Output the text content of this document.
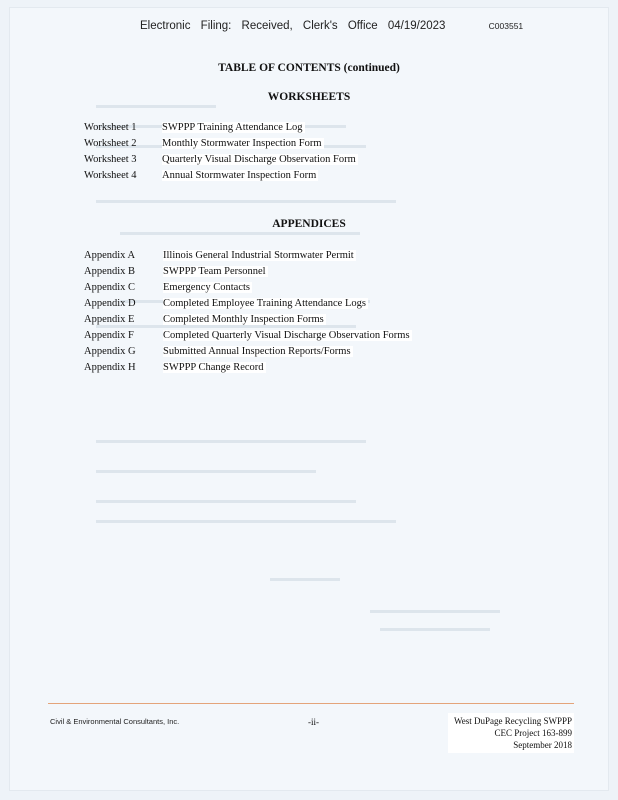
Electronic Filing: Received, Clerk's Office 04/19/2023	C003551
TABLE OF CONTENTS (continued)
WORKSHEETS
Worksheet 1 SWPPP Training Attendance Log
Worksheet 2 Monthly Stormwater Inspection Form
Worksheet 3 Quarterly Visual Discharge Observation Form
Worksheet 4 Annual Stormwater Inspection Form
APPENDICES
Appendix A	Illinois General Industrial Stormwater Permit
Appendix B	SWPPP Team Personnel
Appendix C	Emergency Contacts
Appendix D	Completed Employee Training Attendance Logs
Appendix E	Completed Monthly Inspection Forms
Appendix F	Completed Quarterly Visual Discharge Observation Forms
Appendix G	Submitted Annual Inspection Reports/Forms
Appendix H	SWPPP Change Record
Civil & Environmental Consultants, Inc.	-ii-	West DuPage Recycling SWPPP
CEC Project 163-899
September 2018
